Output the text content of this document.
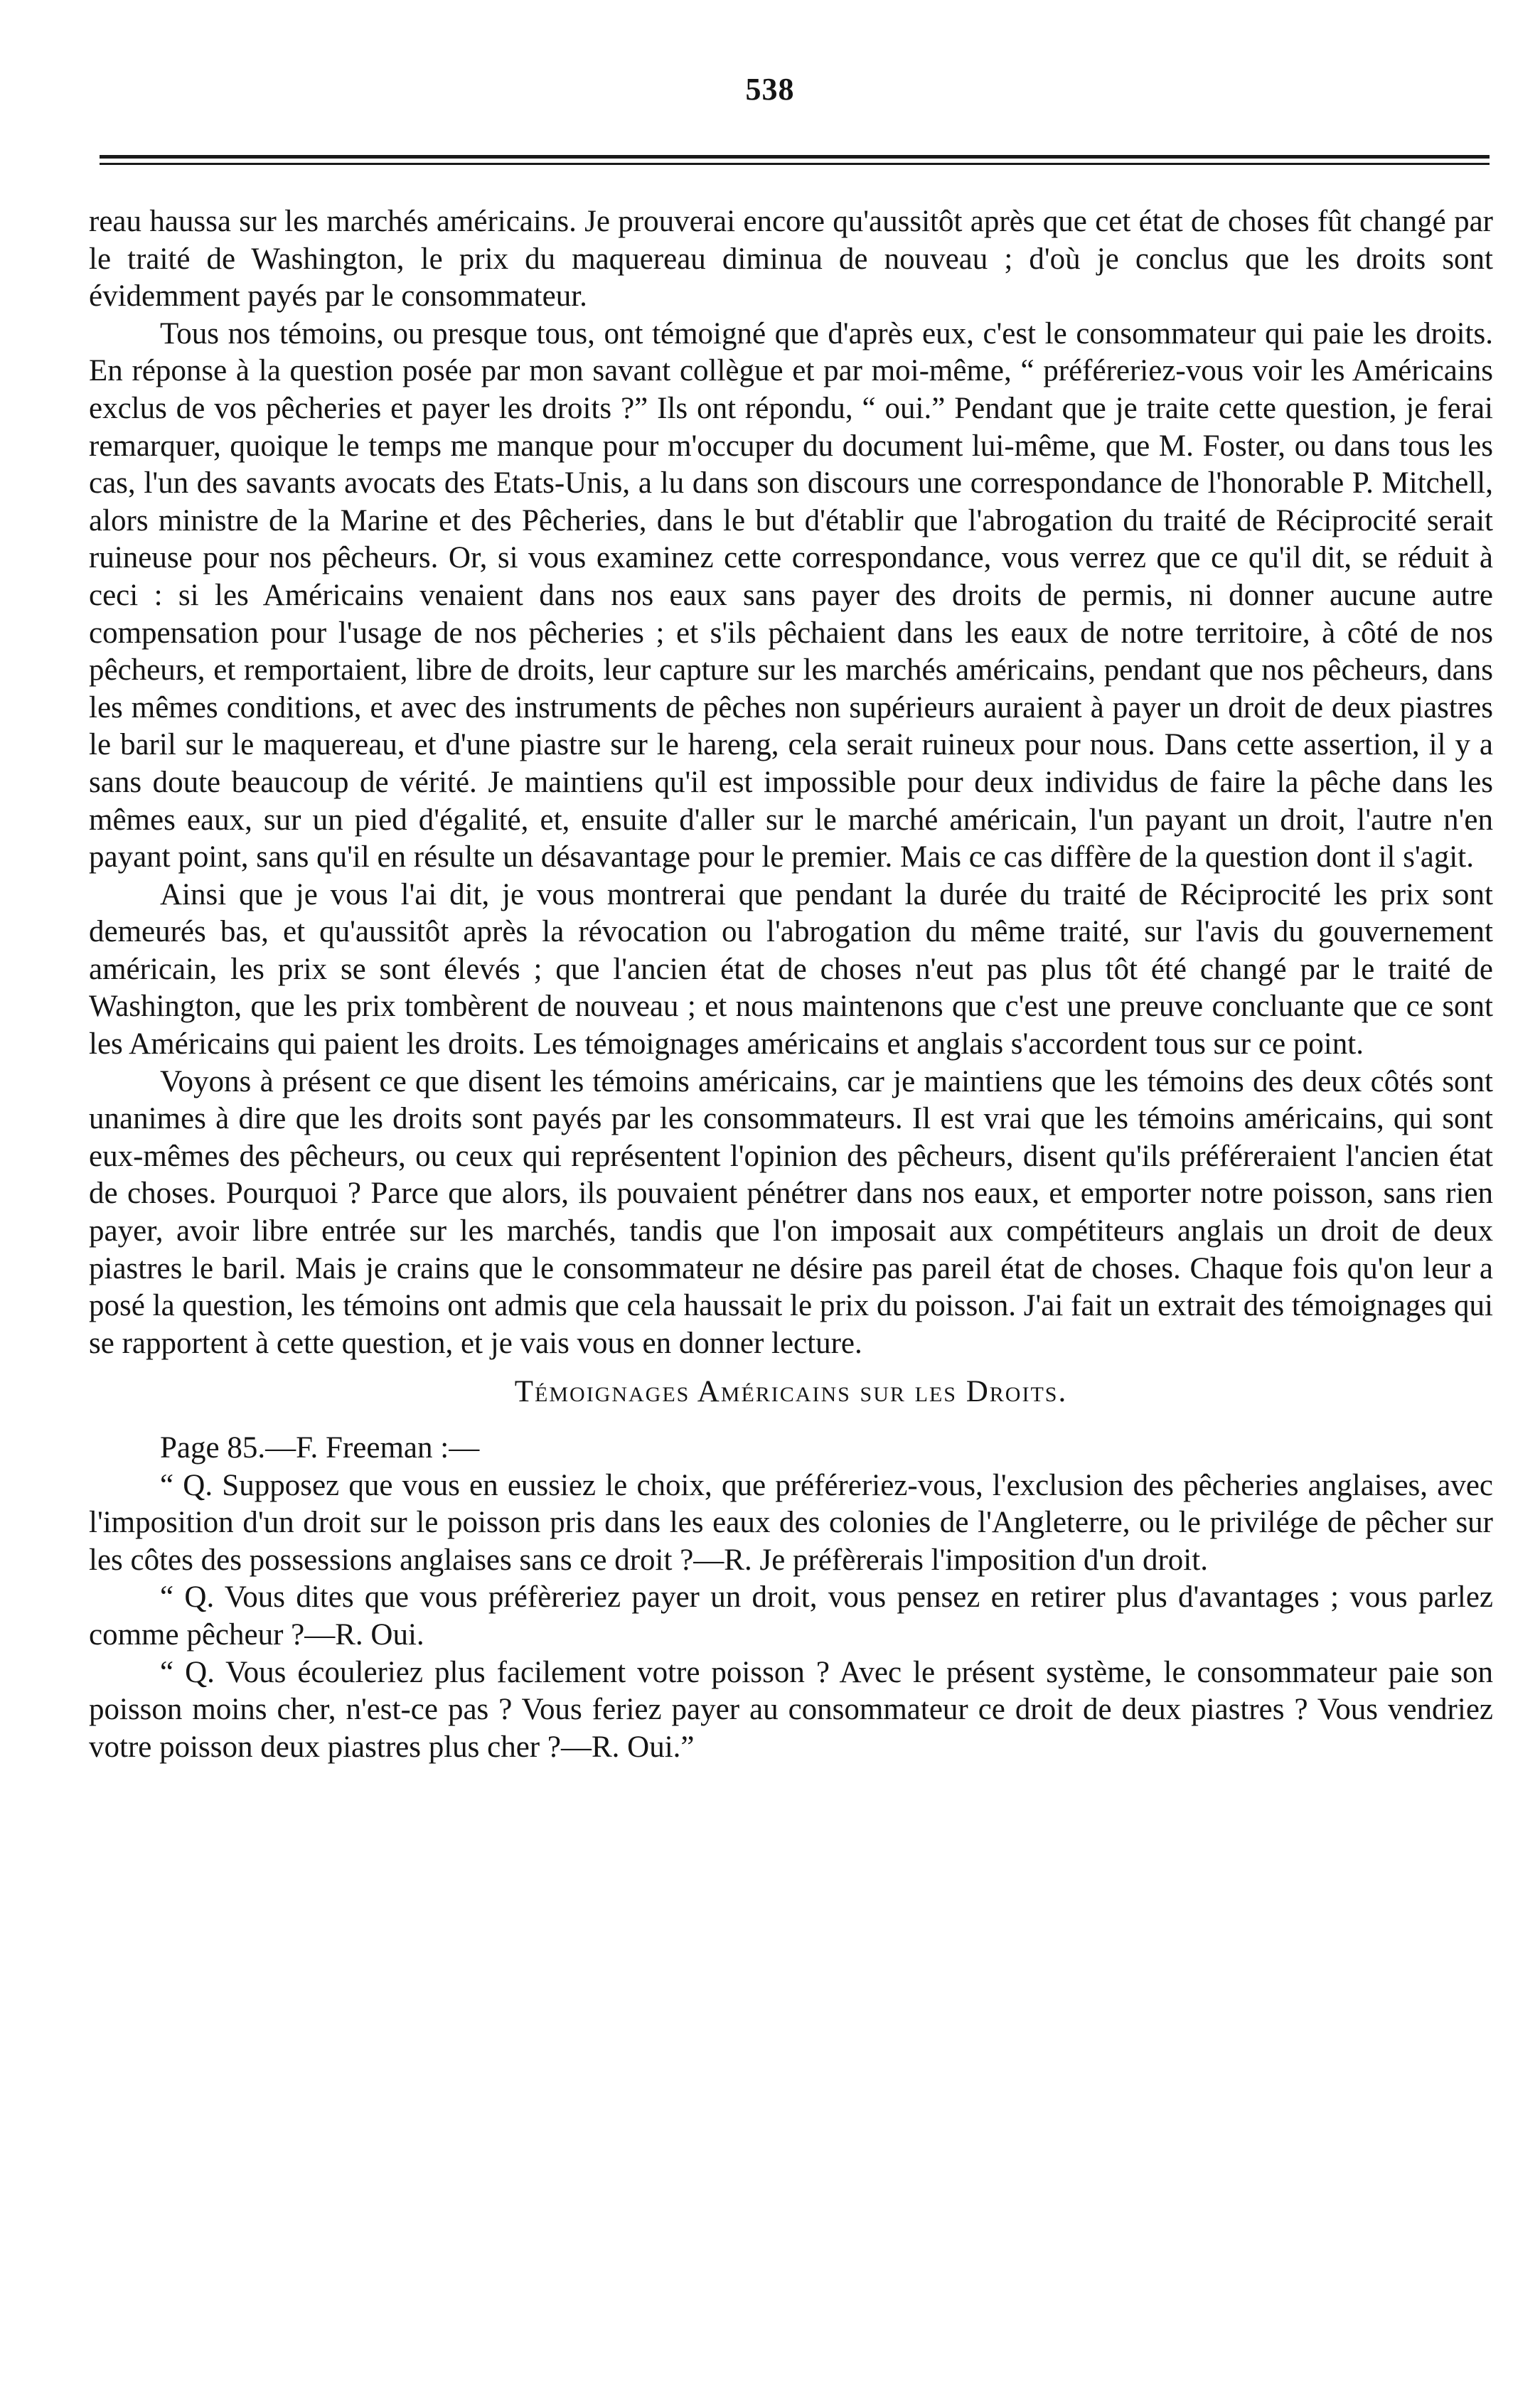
538

reau haussa sur les marchés américains. Je prouverai encore qu'aussitôt après que cet état de choses fût changé par le traité de Washington, le prix du maquereau diminua de nouveau ; d'où je conclus que les droits sont évidemment payés par le consommateur.

Tous nos témoins, ou presque tous, ont témoigné que d'après eux, c'est le consommateur qui paie les droits. En réponse à la question posée par mon savant collègue et par moi-même, “ préféreriez-vous voir les Américains exclus de vos pêcheries et payer les droits ?” Ils ont répondu, “ oui.” Pendant que je traite cette question, je ferai remarquer, quoique le temps me manque pour m'occuper du document lui-même, que M. Foster, ou dans tous les cas, l'un des savants avocats des Etats-Unis, a lu dans son discours une correspondance de l'honorable P. Mitchell, alors ministre de la Marine et des Pêcheries, dans le but d'établir que l'abrogation du traité de Réciprocité serait ruineuse pour nos pêcheurs. Or, si vous examinez cette correspondance, vous verrez que ce qu'il dit, se réduit à ceci : si les Américains venaient dans nos eaux sans payer des droits de permis, ni donner aucune autre compensation pour l'usage de nos pêcheries ; et s'ils pêchaient dans les eaux de notre territoire, à côté de nos pêcheurs, et remportaient, libre de droits, leur capture sur les marchés américains, pendant que nos pêcheurs, dans les mêmes conditions, et avec des instruments de pêches non supérieurs auraient à payer un droit de deux piastres le baril sur le maquereau, et d'une piastre sur le hareng, cela serait ruineux pour nous. Dans cette assertion, il y a sans doute beaucoup de vérité. Je maintiens qu'il est impossible pour deux individus de faire la pêche dans les mêmes eaux, sur un pied d'égalité, et, ensuite d'aller sur le marché américain, l'un payant un droit, l'autre n'en payant point, sans qu'il en résulte un désavantage pour le premier. Mais ce cas diffère de la question dont il s'agit.

Ainsi que je vous l'ai dit, je vous montrerai que pendant la durée du traité de Réciprocité les prix sont demeurés bas, et qu'aussitôt après la révocation ou l'abrogation du même traité, sur l'avis du gouvernement américain, les prix se sont élevés ; que l'ancien état de choses n'eut pas plus tôt été changé par le traité de Washington, que les prix tombèrent de nouveau ; et nous maintenons que c'est une preuve concluante que ce sont les Américains qui paient les droits. Les témoignages américains et anglais s'accordent tous sur ce point.

Voyons à présent ce que disent les témoins américains, car je maintiens que les témoins des deux côtés sont unanimes à dire que les droits sont payés par les consommateurs. Il est vrai que les témoins américains, qui sont eux-mêmes des pêcheurs, ou ceux qui représentent l'opinion des pêcheurs, disent qu'ils préféreraient l'ancien état de choses. Pourquoi ? Parce que alors, ils pouvaient pénétrer dans nos eaux, et emporter notre poisson, sans rien payer, avoir libre entrée sur les marchés, tandis que l'on imposait aux compétiteurs anglais un droit de deux piastres le baril. Mais je crains que le consommateur ne désire pas pareil état de choses. Chaque fois qu'on leur a posé la question, les témoins ont admis que cela haussait le prix du poisson. J'ai fait un extrait des témoignages qui se rapportent à cette question, et je vais vous en donner lecture.

Témoignages Américains sur les Droits.

Page 85.—F. Freeman :—

“ Q. Supposez que vous en eussiez le choix, que préféreriez-vous, l'exclusion des pêcheries anglaises, avec l'imposition d'un droit sur le poisson pris dans les eaux des colonies de l'Angleterre, ou le privilége de pêcher sur les côtes des possessions anglaises sans ce droit ?—R. Je préfèrerais l'imposition d'un droit.

“ Q. Vous dites que vous préfèreriez payer un droit, vous pensez en retirer plus d'avantages ; vous parlez comme pêcheur ?—R. Oui.

“ Q. Vous écouleriez plus facilement votre poisson ? Avec le présent système, le consommateur paie son poisson moins cher, n'est-ce pas ? Vous feriez payer au consommateur ce droit de deux piastres ? Vous vendriez votre poisson deux piastres plus cher ?—R. Oui.”
